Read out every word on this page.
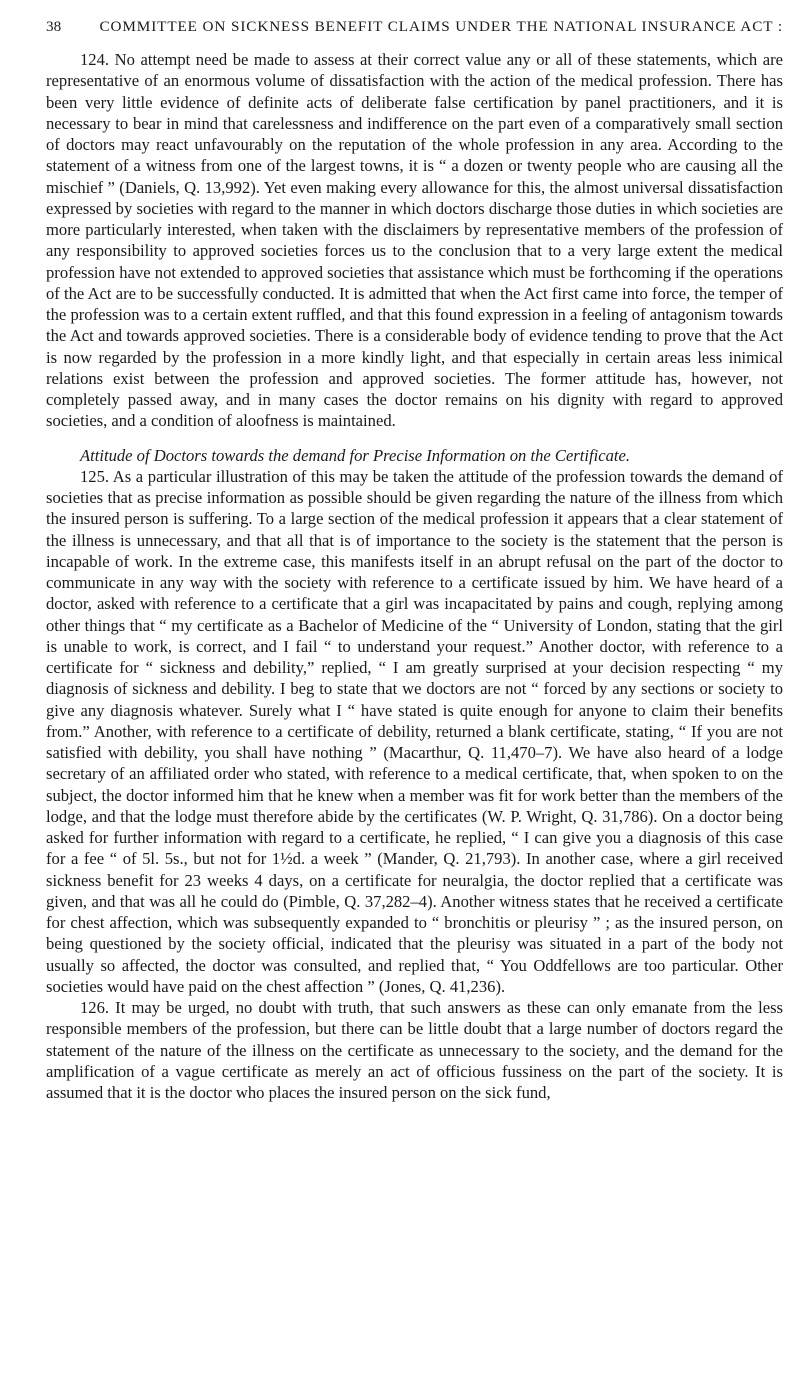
38	COMMITTEE ON SICKNESS BENEFIT CLAIMS UNDER THE NATIONAL INSURANCE ACT :

124. No attempt need be made to assess at their correct value any or all of these statements, which are representative of an enormous volume of dissatisfaction with the action of the medical profession. There has been very little evidence of definite acts of deliberate false certification by panel practitioners, and it is necessary to bear in mind that carelessness and indifference on the part even of a comparatively small section of doctors may react unfavourably on the reputation of the whole profession in any area. According to the statement of a witness from one of the largest towns, it is “ a dozen or twenty people who are causing all the mischief ” (Daniels, Q. 13,992). Yet even making every allowance for this, the almost universal dissatisfaction expressed by societies with regard to the manner in which doctors discharge those duties in which societies are more particularly interested, when taken with the disclaimers by representative members of the profession of any responsibility to approved societies forces us to the conclusion that to a very large extent the medical profession have not extended to approved societies that assistance which must be forthcoming if the operations of the Act are to be successfully conducted. It is admitted that when the Act first came into force, the temper of the profession was to a certain extent ruffled, and that this found expression in a feeling of antagonism towards the Act and towards approved societies. There is a considerable body of evidence tending to prove that the Act is now regarded by the profession in a more kindly light, and that especially in certain areas less inimical relations exist between the profession and approved societies. The former attitude has, however, not completely passed away, and in many cases the doctor remains on his dignity with regard to approved societies, and a condition of aloofness is maintained.

Attitude of Doctors towards the demand for Precise Information on the Certificate.

125. As a particular illustration of this may be taken the attitude of the profession towards the demand of societies that as precise information as possible should be given regarding the nature of the illness from which the insured person is suffering. To a large section of the medical profession it appears that a clear statement of the illness is unnecessary, and that all that is of importance to the society is the statement that the person is incapable of work. In the extreme case, this manifests itself in an abrupt refusal on the part of the doctor to communicate in any way with the society with reference to a certificate issued by him. We have heard of a doctor, asked with reference to a certificate that a girl was incapacitated by pains and cough, replying among other things that “ my certificate as a Bachelor of Medicine of the “ University of London, stating that the girl is unable to work, is correct, and I fail “ to understand your request.” Another doctor, with reference to a certificate for “ sickness and debility,” replied, “ I am greatly surprised at your decision respecting “ my diagnosis of sickness and debility. I beg to state that we doctors are not “ forced by any sections or society to give any diagnosis whatever. Surely what I “ have stated is quite enough for anyone to claim their benefits from.” Another, with reference to a certificate of debility, returned a blank certificate, stating, “ If you are not satisfied with debility, you shall have nothing ” (Macarthur, Q. 11,470–7). We have also heard of a lodge secretary of an affiliated order who stated, with reference to a medical certificate, that, when spoken to on the subject, the doctor informed him that he knew when a member was fit for work better than the members of the lodge, and that the lodge must therefore abide by the certificates (W. P. Wright, Q. 31,786). On a doctor being asked for further information with regard to a certificate, he replied, “ I can give you a diagnosis of this case for a fee “ of 5l. 5s., but not for 1½d. a week ” (Mander, Q. 21,793). In another case, where a girl received sickness benefit for 23 weeks 4 days, on a certificate for neuralgia, the doctor replied that a certificate was given, and that was all he could do (Pimble, Q. 37,282–4). Another witness states that he received a certificate for chest affection, which was subsequently expanded to “ bronchitis or pleurisy ” ; as the insured person, on being questioned by the society official, indicated that the pleurisy was situated in a part of the body not usually so affected, the doctor was consulted, and replied that, “ You Oddfellows are too particular. Other societies would have paid on the chest affection ” (Jones, Q. 41,236).

126. It may be urged, no doubt with truth, that such answers as these can only emanate from the less responsible members of the profession, but there can be little doubt that a large number of doctors regard the statement of the nature of the illness on the certificate as unnecessary to the society, and the demand for the amplification of a vague certificate as merely an act of officious fussiness on the part of the society. It is assumed that it is the doctor who places the insured person on the sick fund,
